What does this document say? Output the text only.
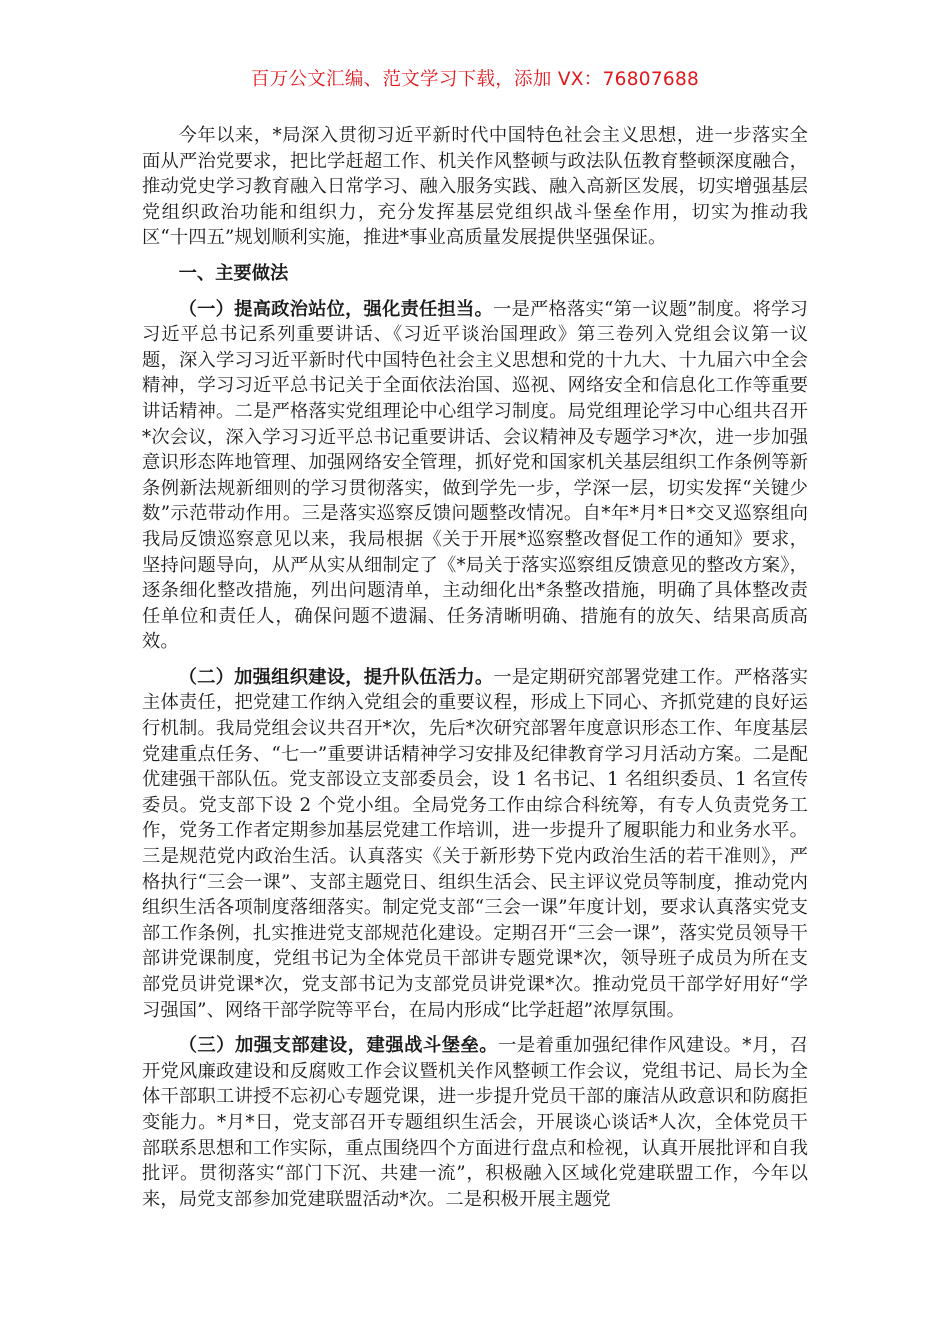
百万公文汇编、范文学习下载，添加 VX：76807688

今年以来，*局深入贯彻习近平新时代中国特色社会主义思想，进一步落实全面从严治党要求，把比学赶超工作、机关作风整顿与政法队伍教育整顿深度融合，推动党史学习教育融入日常学习、融入服务实践、融入高新区发展，切实增强基层党组织政治功能和组织力，充分发挥基层党组织战斗堡垒作用，切实为推动我区“十四五”规划顺利实施，推进*事业高质量发展提供坚强保证。

一、主要做法

（一）提高政治站位，强化责任担当。一是严格落实“第一议题”制度。将学习习近平总书记系列重要讲话、《习近平谈治国理政》第三卷列入党组会议第一议题，深入学习习近平新时代中国特色社会主义思想和党的十九大、十九届六中全会精神，学习习近平总书记关于全面依法治国、巡视、网络安全和信息化工作等重要讲话精神。二是严格落实党组理论中心组学习制度。局党组理论学习中心组共召开*次会议，深入学习习近平总书记重要讲话、会议精神及专题学习*次，进一步加强意识形态阵地管理、加强网络安全管理，抓好党和国家机关基层组织工作条例等新条例新法规新细则的学习贯彻落实，做到学先一步，学深一层，切实发挥“关键少数”示范带动作用。三是落实巡察反馈问题整改情况。自*年*月*日*交叉巡察组向我局反馈巡察意见以来，我局根据《关于开展*巡察整改督促工作的通知》要求，坚持问题导向，从严从实从细制定了《*局关于落实巡察组反馈意见的整改方案》，逐条细化整改措施，列出问题清单，主动细化出*条整改措施，明确了具体整改责任单位和责任人，确保问题不遗漏、任务清晰明确、措施有的放矢、结果高质高效。

（二）加强组织建设，提升队伍活力。一是定期研究部署党建工作。严格落实主体责任，把党建工作纳入党组会的重要议程，形成上下同心、齐抓党建的良好运行机制。我局党组会议共召开*次，先后*次研究部署年度意识形态工作、年度基层党建重点任务、“七一”重要讲话精神学习安排及纪律教育学习月活动方案。二是配优建强干部队伍。党支部设立支部委员会，设 1 名书记、1 名组织委员、1 名宣传委员。党支部下设 2 个党小组。全局党务工作由综合科统筹，有专人负责党务工作，党务工作者定期参加基层党建工作培训，进一步提升了履职能力和业务水平。三是规范党内政治生活。认真落实《关于新形势下党内政治生活的若干准则》，严格执行“三会一课”、支部主题党日、组织生活会、民主评议党员等制度，推动党内组织生活各项制度落细落实。制定党支部“三会一课”年度计划，要求认真落实党支部工作条例，扎实推进党支部规范化建设。定期召开“三会一课”，落实党员领导干部讲党课制度，党组书记为全体党员干部讲专题党课*次，领导班子成员为所在支部党员讲党课*次，党支部书记为支部党员讲党课*次。推动党员干部学好用好“学习强国”、网络干部学院等平台，在局内形成“比学赶超”浓厚氛围。

（三）加强支部建设，建强战斗堡垒。一是着重加强纪律作风建设。*月，召开党风廉政建设和反腐败工作会议暨机关作风整顿工作会议，党组书记、局长为全体干部职工讲授不忘初心专题党课，进一步提升党员干部的廉洁从政意识和防腐拒变能力。*月*日，党支部召开专题组织生活会，开展谈心谈话*人次，全体党员干部联系思想和工作实际，重点围绕四个方面进行盘点和检视，认真开展批评和自我批评。贯彻落实“部门下沉、共建一流”，积极融入区域化党建联盟工作，今年以来，局党支部参加党建联盟活动*次。二是积极开展主题党
